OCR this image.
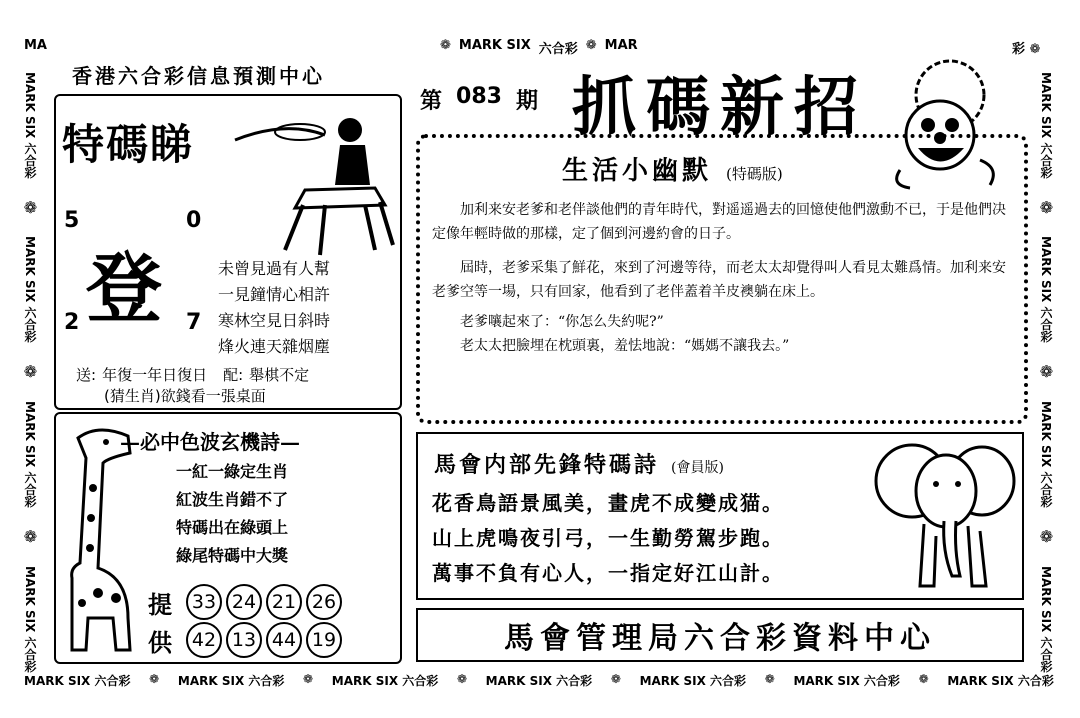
MA	❁ MARK SIX 六合彩 ❁ MAR	彩 ❁
MARK SIX 六合彩
❁
MARK SIX 六合彩
❁
MARK SIX 六合彩
❁
MARK SIX 六合彩
MARK SIX 六合彩
❁
MARK SIX 六合彩
❁
MARK SIX 六合彩
❁
MARK SIX 六合彩
MARK SIX 六合彩 ❁ MARK SIX 六合彩 ❁ MARK SIX 六合彩 ❁ MARK SIX 六合彩 ❁ MARK SIX 六合彩 ❁ MARK SIX 六合彩 ❁ MARK SIX 六合彩
香港六合彩信息預測中心
第 083 期 抓碼新招
特碼睇
5	0
登
2	7
未曾見過有人幫
一見鐘情心相許
寒林空見日斜時
烽火連天雜烟塵
送: 年復一年日復日 配: 舉棋不定
(猜生肖)欲錢看一張桌面
生活小幽默 (特碼版)

加利来安老爹和老伴談他們的青年時代，對遥遥過去的回憶使他們激動不已，于是他們决定像年輕時做的那樣，定了個到河邊約會的日子。

屆時，老爹采集了鮮花，來到了河邊等待，而老太太却覺得叫人看見太難爲情。加利来安老爹空等一場，只有回家，他看到了老伴蓋着羊皮襖躺在床上。

老爹嚷起來了：“你怎么失約呢?”

老太太把臉埋在枕頭裏，羞怯地說：“媽媽不讓我去。”

—必中色波玄機詩—
一紅一綠定生肖
紅波生肖錯不了
特碼出在綠頭上
綠尾特碼中大獎
提	33 24 21 26
供	42 13 44 19
馬會内部先鋒特碼詩 (會員版)
花香鳥語景風美，畫虎不成變成猫。
山上虎鳴夜引弓，一生勤勞駕步跑。
萬事不負有心人，一指定好江山計。
馬會管理局六合彩資料中心
